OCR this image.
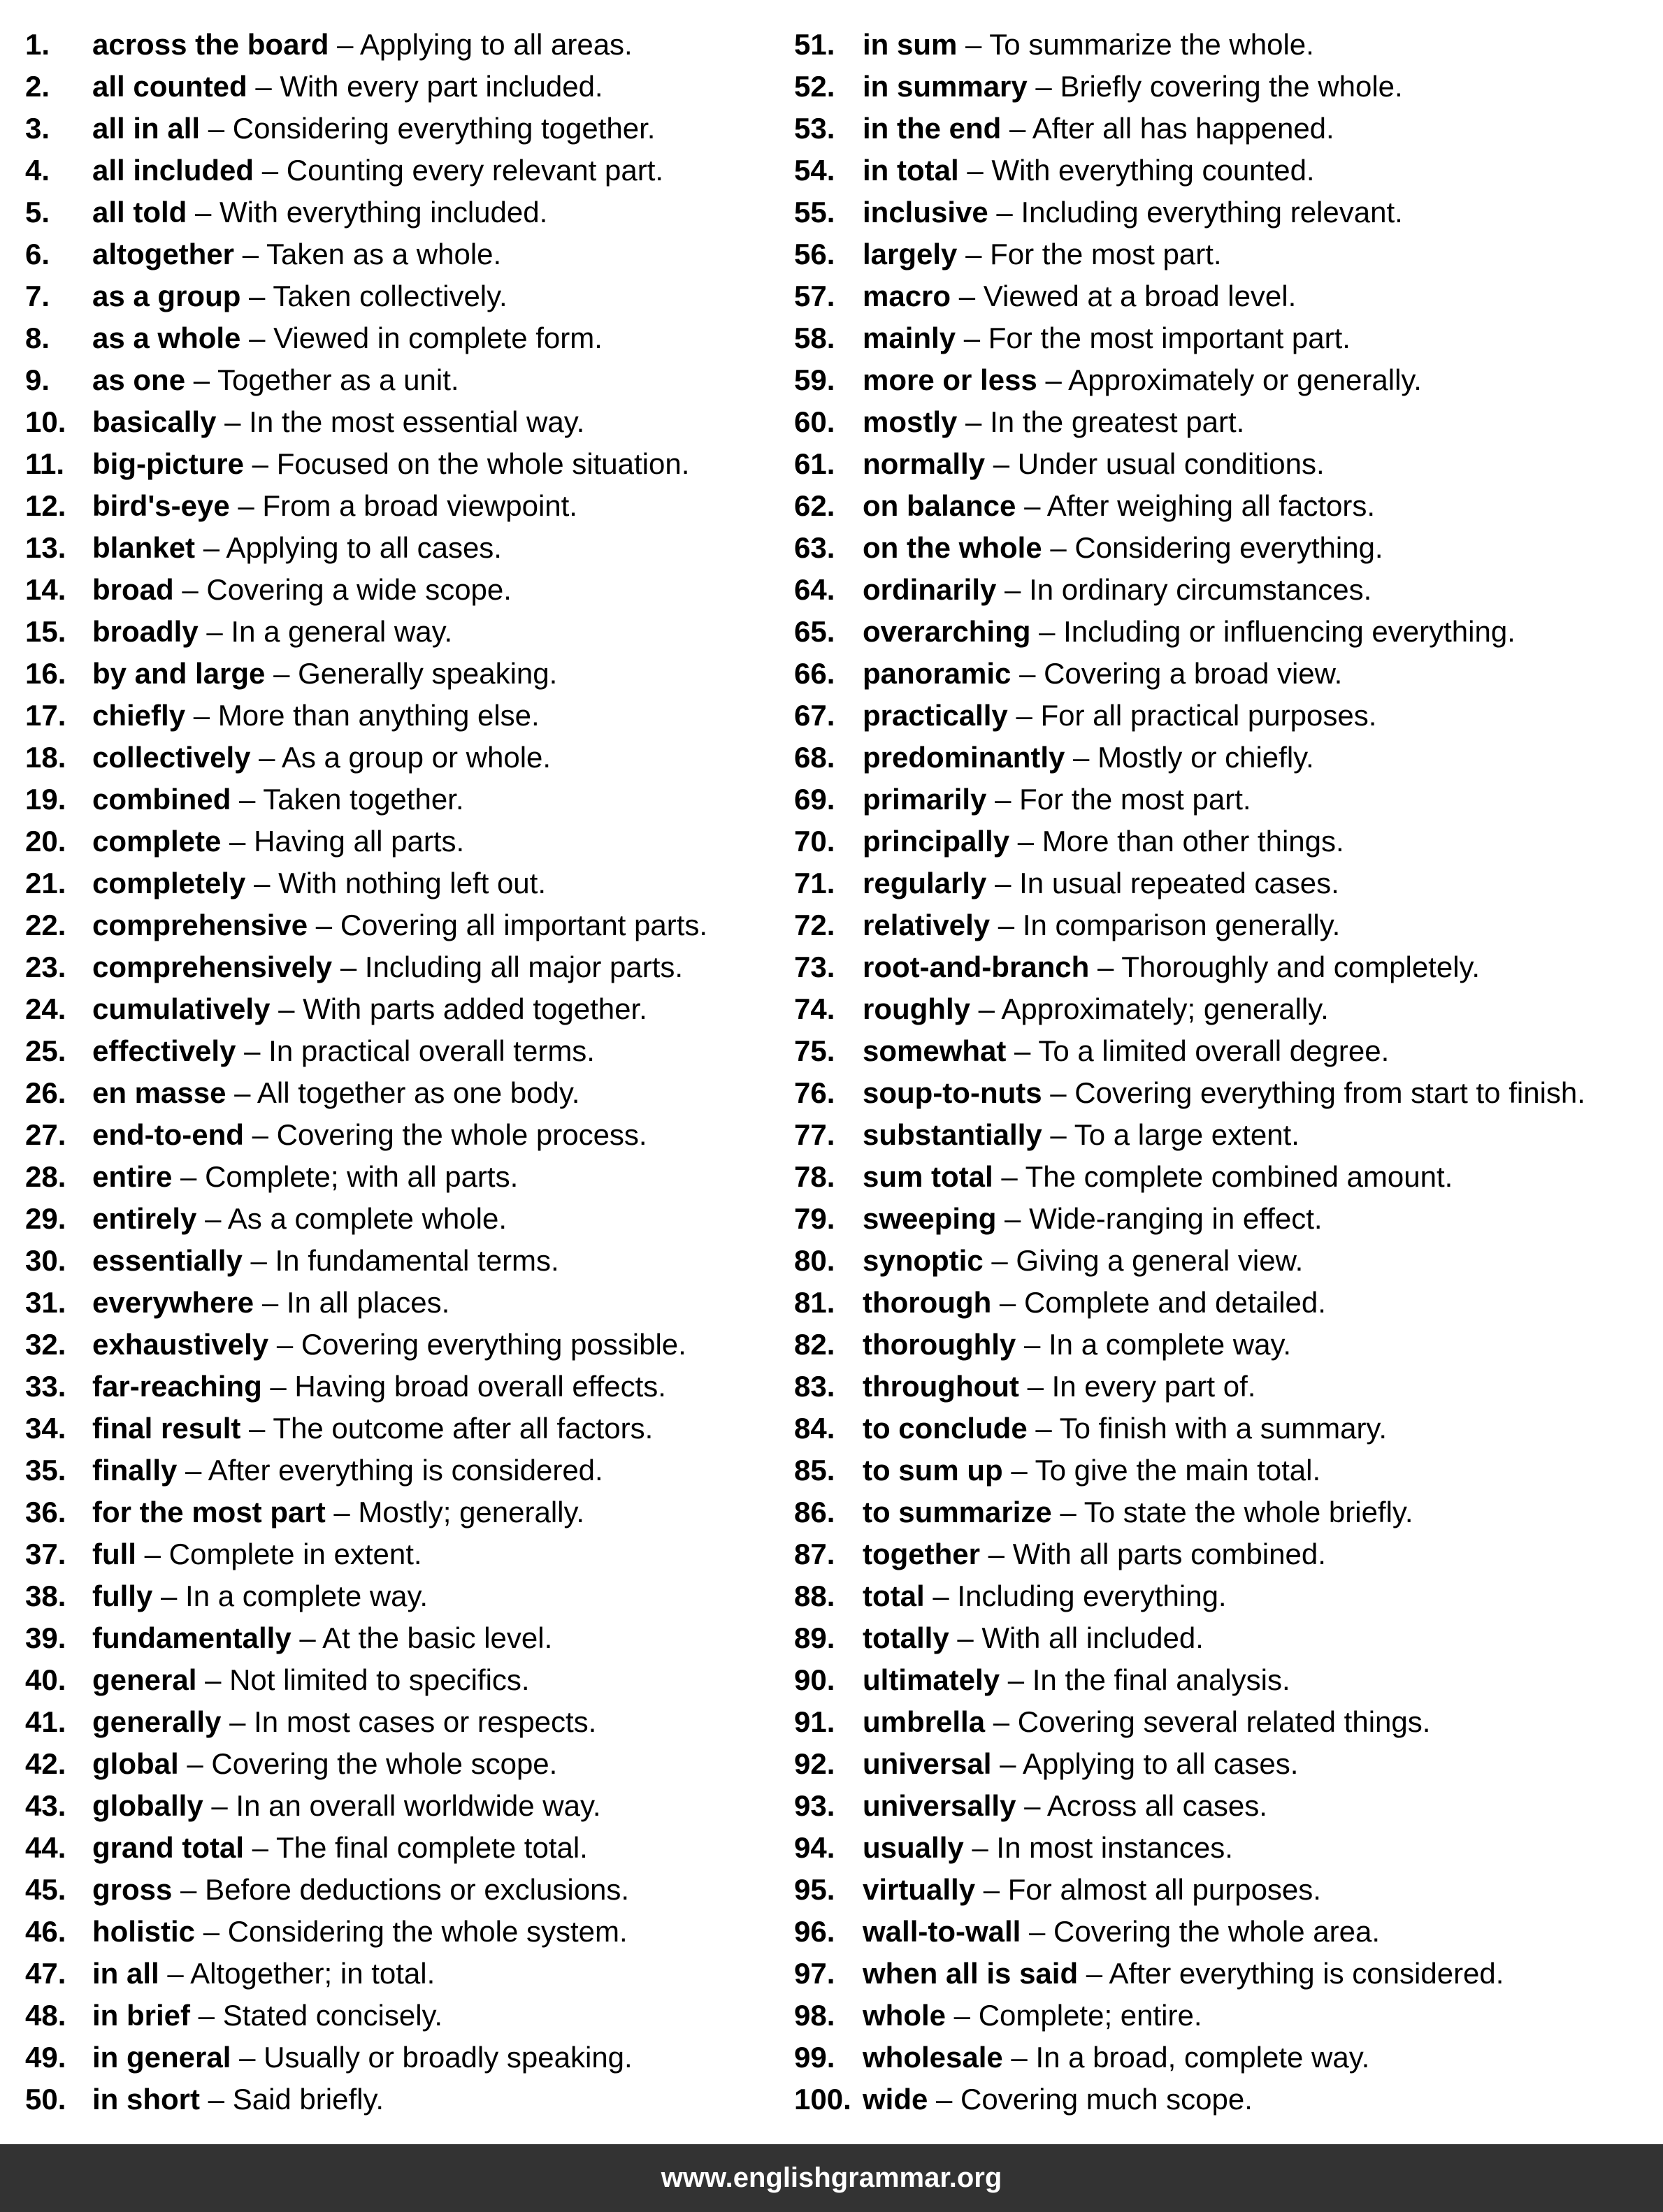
1. across the board – Applying to all areas.
2. all counted – With every part included.
3. all in all – Considering everything together.
4. all included – Counting every relevant part.
5. all told – With everything included.
6. altogether – Taken as a whole.
7. as a group – Taken collectively.
8. as a whole – Viewed in complete form.
9. as one – Together as a unit.
10. basically – In the most essential way.
11. big-picture – Focused on the whole situation.
12. bird's-eye – From a broad viewpoint.
13. blanket – Applying to all cases.
14. broad – Covering a wide scope.
15. broadly – In a general way.
16. by and large – Generally speaking.
17. chiefly – More than anything else.
18. collectively – As a group or whole.
19. combined – Taken together.
20. complete – Having all parts.
21. completely – With nothing left out.
22. comprehensive – Covering all important parts.
23. comprehensively – Including all major parts.
24. cumulatively – With parts added together.
25. effectively – In practical overall terms.
26. en masse – All together as one body.
27. end-to-end – Covering the whole process.
28. entire – Complete; with all parts.
29. entirely – As a complete whole.
30. essentially – In fundamental terms.
31. everywhere – In all places.
32. exhaustively – Covering everything possible.
33. far-reaching – Having broad overall effects.
34. final result – The outcome after all factors.
35. finally – After everything is considered.
36. for the most part – Mostly; generally.
37. full – Complete in extent.
38. fully – In a complete way.
39. fundamentally – At the basic level.
40. general – Not limited to specifics.
41. generally – In most cases or respects.
42. global – Covering the whole scope.
43. globally – In an overall worldwide way.
44. grand total – The final complete total.
45. gross – Before deductions or exclusions.
46. holistic – Considering the whole system.
47. in all – Altogether; in total.
48. in brief – Stated concisely.
49. in general – Usually or broadly speaking.
50. in short – Said briefly.
51. in sum – To summarize the whole.
52. in summary – Briefly covering the whole.
53. in the end – After all has happened.
54. in total – With everything counted.
55. inclusive – Including everything relevant.
56. largely – For the most part.
57. macro – Viewed at a broad level.
58. mainly – For the most important part.
59. more or less – Approximately or generally.
60. mostly – In the greatest part.
61. normally – Under usual conditions.
62. on balance – After weighing all factors.
63. on the whole – Considering everything.
64. ordinarily – In ordinary circumstances.
65. overarching – Including or influencing everything.
66. panoramic – Covering a broad view.
67. practically – For all practical purposes.
68. predominantly – Mostly or chiefly.
69. primarily – For the most part.
70. principally – More than other things.
71. regularly – In usual repeated cases.
72. relatively – In comparison generally.
73. root-and-branch – Thoroughly and completely.
74. roughly – Approximately; generally.
75. somewhat – To a limited overall degree.
76. soup-to-nuts – Covering everything from start to finish.
77. substantially – To a large extent.
78. sum total – The complete combined amount.
79. sweeping – Wide-ranging in effect.
80. synoptic – Giving a general view.
81. thorough – Complete and detailed.
82. thoroughly – In a complete way.
83. throughout – In every part of.
84. to conclude – To finish with a summary.
85. to sum up – To give the main total.
86. to summarize – To state the whole briefly.
87. together – With all parts combined.
88. total – Including everything.
89. totally – With all included.
90. ultimately – In the final analysis.
91. umbrella – Covering several related things.
92. universal – Applying to all cases.
93. universally – Across all cases.
94. usually – In most instances.
95. virtually – For almost all purposes.
96. wall-to-wall – Covering the whole area.
97. when all is said – After everything is considered.
98. whole – Complete; entire.
99. wholesale – In a broad, complete way.
100. wide – Covering much scope.
www.englishgrammar.org
